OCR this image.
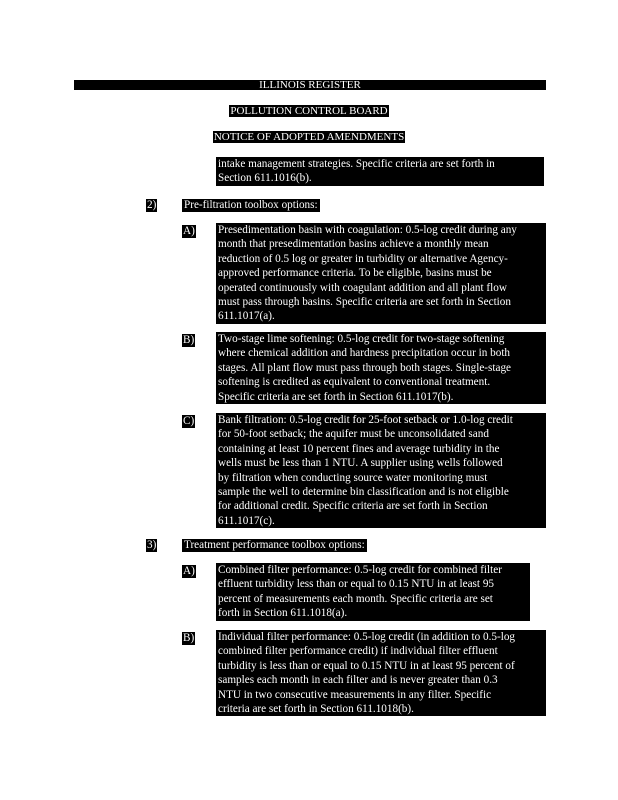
ILLINOIS REGISTER
POLLUTION CONTROL BOARD
NOTICE OF ADOPTED AMENDMENTS
intake management strategies. Specific criteria are set forth in
Section 611.1016(b).
2) Pre-filtration toolbox options:
A) Presedimentation basin with coagulation: 0.5-log credit during any
month that presedimentation basins achieve a monthly mean
reduction of 0.5 log or greater in turbidity or alternative Agency-
approved performance criteria. To be eligible, basins must be
operated continuously with coagulant addition and all plant flow
must pass through basins. Specific criteria are set forth in Section
611.1017(a).
B) Two-stage lime softening: 0.5-log credit for two-stage softening
where chemical addition and hardness precipitation occur in both
stages. All plant flow must pass through both stages. Single-stage
softening is credited as equivalent to conventional treatment.
Specific criteria are set forth in Section 611.1017(b).
C) Bank filtration: 0.5-log credit for 25-foot setback or 1.0-log credit
for 50-foot setback; the aquifer must be unconsolidated sand
containing at least 10 percent fines and average turbidity in the
wells must be less than 1 NTU. A supplier using wells followed
by filtration when conducting source water monitoring must
sample the well to determine bin classification and is not eligible
for additional credit. Specific criteria are set forth in Section
611.1017(c).
3) Treatment performance toolbox options:
A) Combined filter performance: 0.5-log credit for combined filter
effluent turbidity less than or equal to 0.15 NTU in at least 95
percent of measurements each month. Specific criteria are set
forth in Section 611.1018(a).
B) Individual filter performance: 0.5-log credit (in addition to 0.5-log
combined filter performance credit) if individual filter effluent
turbidity is less than or equal to 0.15 NTU in at least 95 percent of
samples each month in each filter and is never greater than 0.3
NTU in two consecutive measurements in any filter. Specific
criteria are set forth in Section 611.1018(b).
